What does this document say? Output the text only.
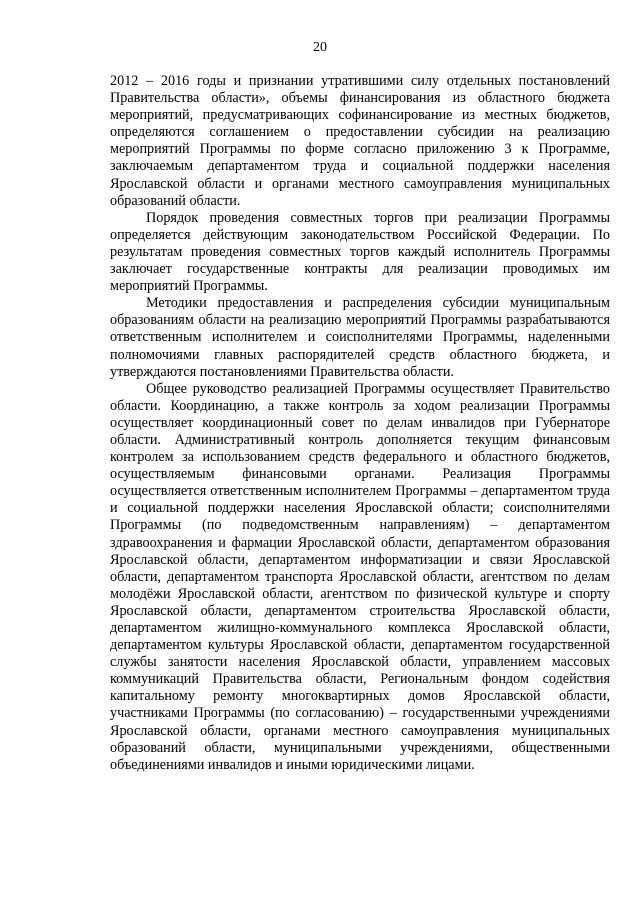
20

2012 – 2016 годы и признании утратившими силу отдельных постановлений Правительства области», объемы финансирования из областного бюджета мероприятий, предусматривающих софинансирование из местных бюджетов, определяются соглашением о предоставлении субсидии на реализацию мероприятий Программы по форме согласно приложению 3 к Программе, заключаемым департаментом труда и социальной поддержки населения Ярославской области и органами местного самоуправления муниципальных образований области.

Порядок проведения совместных торгов при реализации Программы определяется действующим законодательством Российской Федерации. По результатам проведения совместных торгов каждый исполнитель Программы заключает государственные контракты для реализации проводимых им мероприятий Программы.

Методики предоставления и распределения субсидии муниципальным образованиям области на реализацию мероприятий Программы разрабатываются ответственным исполнителем и соисполнителями Программы, наделенными полномочиями главных распорядителей средств областного бюджета, и утверждаются постановлениями Правительства области.

Общее руководство реализацией Программы осуществляет Правительство области. Координацию, а также контроль за ходом реализации Программы осуществляет координационный совет по делам инвалидов при Губернаторе области. Административный контроль дополняется текущим финансовым контролем за использованием средств федерального и областного бюджетов, осуществляемым финансовыми органами. Реализация Программы осуществляется ответственным исполнителем Программы – департаментом труда и социальной поддержки населения Ярославской области; соисполнителями Программы (по подведомственным направлениям) – департаментом здравоохранения и фармации Ярославской области, департаментом образования Ярославской области, департаментом информатизации и связи Ярославской области, департаментом транспорта Ярославской области, агентством по делам молодёжи Ярославской области, агентством по физической культуре и спорту Ярославской области, департаментом строительства Ярославской области, департаментом жилищно-коммунального комплекса Ярославской области, департаментом культуры Ярославской области, департаментом государственной службы занятости населения Ярославской области, управлением массовых коммуникаций Правительства области, Региональным фондом содействия капитальному ремонту многоквартирных домов Ярославской области, участниками Программы (по согласованию) – государственными учреждениями Ярославской области, органами местного самоуправления муниципальных образований области, муниципальными учреждениями, общественными объединениями инвалидов и иными юридическими лицами.
